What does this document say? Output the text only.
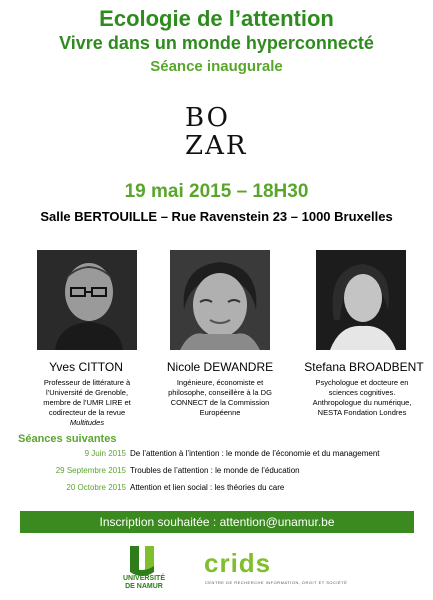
Ecologie de l’attention
Vivre dans un monde hyperconnecté
Séance inaugurale
BO
ZAR
19 mai 2015 – 18H30
Salle BERTOUILLE – Rue Ravenstein 23 – 1000 Bruxelles
Yves CITTON	Nicole DEWANDRE	Stefana BROADBENT
Professeur de littérature à
l’Université de Grenoble,
membre de l’UMR LIRE et
codirecteur de la revue
Multitudes
Ingénieure, économiste et
philosophe, conseillère à la DG
CONNECT de la Commission
Européenne
Psychologue et docteure en
sciences cognitives.
Anthropologue du numérique,
NESTA Fondation Londres
Séances suivantes
9 Juin 2015 De l’attention à l’intention : le monde de l’économie et du management
29 Septembre 2015 Troubles de l’attention : le monde de l’éducation
20 Octobre 2015 Attention et lien social : les théories du care
Inscription souhaitée : attention@unamur.be
UNIVERSITÉ
DE NAMUR
crids
CENTRE DE RECHERCHE INFORMATION, DROIT ET SOCIÉTÉ
